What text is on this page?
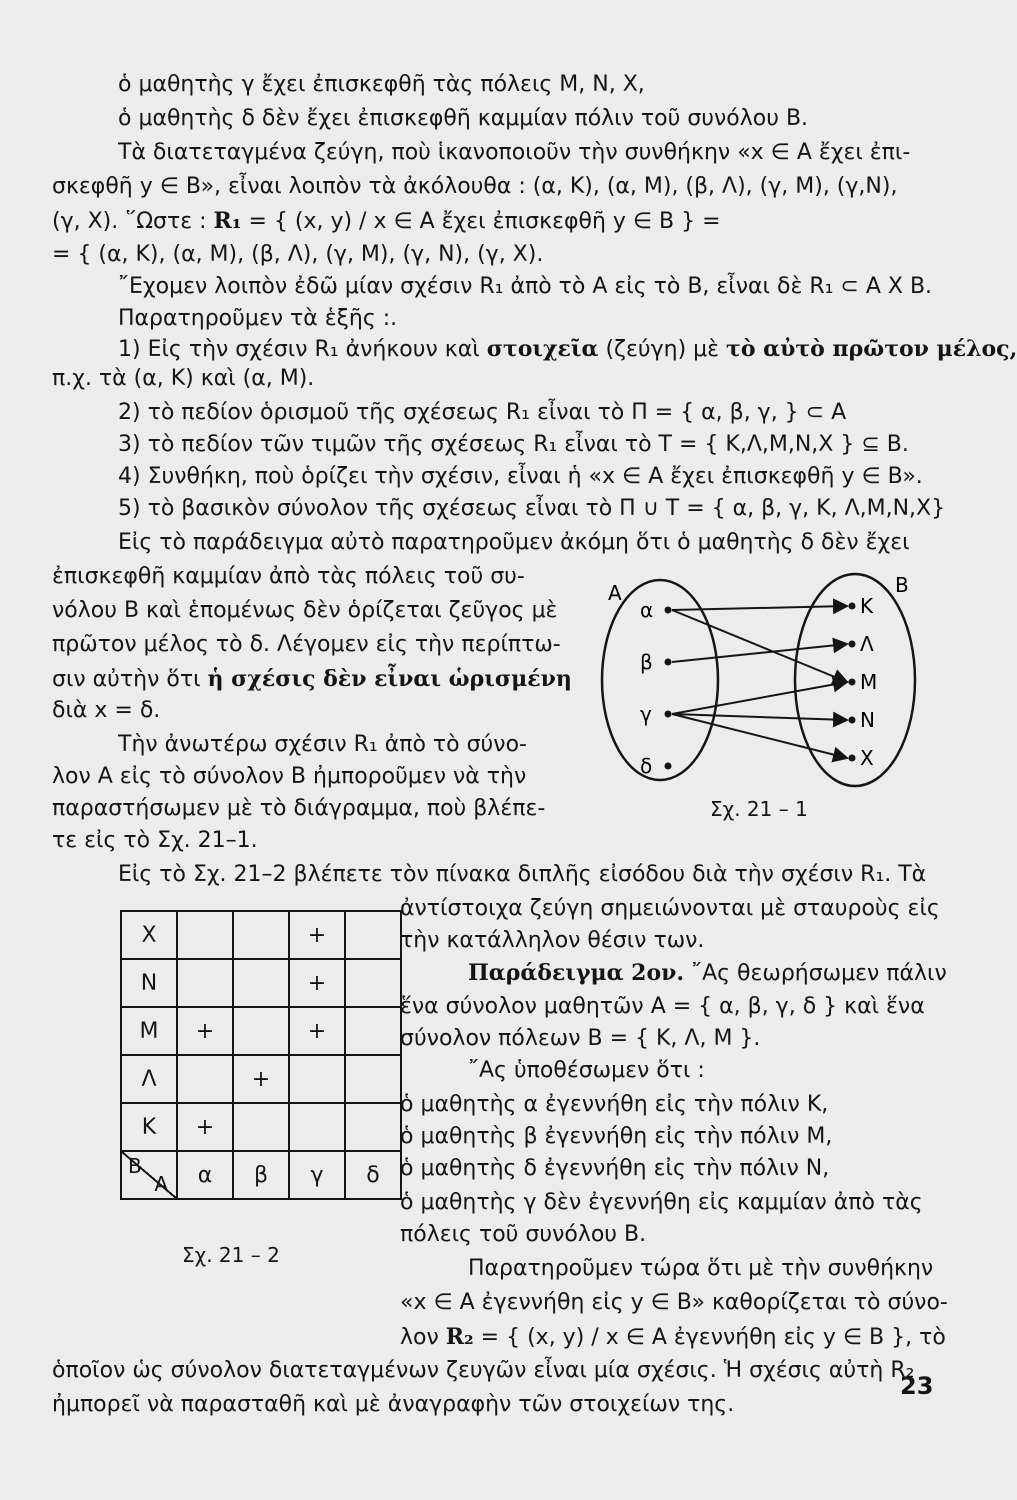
ὁ μαθητὴς γ ἔχει ἐπισκεφθῆ τὰς πόλεις Μ, Ν, Χ,
ὁ μαθητὴς δ δὲν ἔχει ἐπισκεφθῆ καμμίαν πόλιν τοῦ συνόλου Β.
Τὰ διατεταγμένα ζεύγη, ποὺ ἱκανοποιοῦν τὴν συνθήκην «x ∈ A ἔχει ἐπι-
σκεφθῆ y ∈ B», εἶναι λοιπὸν τὰ ἀκόλουθα : (α, Κ), (α, Μ), (β, Λ), (γ, Μ), (γ,Ν),
(γ, Χ). ῞Ωστε : R₁ = { (x, y) / x ∈ A ἔχει ἐπισκεφθῆ y ∈ B } =
= { (α, Κ), (α, Μ), (β, Λ), (γ, Μ), (γ, Ν), (γ, Χ).
῎Εχομεν λοιπὸν ἐδῶ μίαν σχέσιν R₁ ἀπὸ τὸ Α εἰς τὸ Β, εἶναι δὲ R₁ ⊂ A X B.
Παρατηροῦμεν τὰ ἑξῆς :.
1) Εἰς τὴν σχέσιν R₁ ἀνήκουν καὶ στοιχεῖα (ζεύγη) μὲ τὸ αὐτὸ πρῶτον μέλος,
π.χ. τὰ (α, Κ) καὶ (α, Μ).
2) τὸ πεδίον ὁρισμοῦ τῆς σχέσεως R₁ εἶναι τὸ Π = { α, β, γ, } ⊂ A
3) τὸ πεδίον τῶν τιμῶν τῆς σχέσεως R₁ εἶναι τὸ T = { Κ,Λ,Μ,Ν,Χ } ⊆ B.
4) Συνθήκη, ποὺ ὁρίζει τὴν σχέσιν, εἶναι ἡ «x ∈ A ἔχει ἐπισκεφθῆ y ∈ B».
5) τὸ βασικὸν σύνολον τῆς σχέσεως εἶναι τὸ Π ∪ T = { α, β, γ, Κ, Λ,Μ,Ν,Χ}
Εἰς τὸ παράδειγμα αὐτὸ παρατηροῦμεν ἀκόμη ὅτι ὁ μαθητὴς δ δὲν ἔχει
ἐπισκεφθῆ καμμίαν ἀπὸ τὰς πόλεις τοῦ συ-
νόλου Β καὶ ἑπομένως δὲν ὁρίζεται ζεῦγος μὲ
πρῶτον μέλος τὸ δ. Λέγομεν εἰς τὴν περίπτω-
σιν αὐτὴν ὅτι ἡ σχέσις δὲν εἶναι ὡρισμένη
διὰ x = δ.
Τὴν ἀνωτέρω σχέσιν R₁ ἀπὸ τὸ σύνο-
λον Α εἰς τὸ σύνολον Β ἠμποροῦμεν νὰ τὴν
παραστήσωμεν μὲ τὸ διάγραμμα, ποὺ βλέπε-
τε εἰς τὸ Σχ. 21–1.
A	B
α
β
γ
δ
Κ
Λ
Μ
Ν
Χ
Σχ. 21 – 1
Εἰς τὸ Σχ. 21–2 βλέπετε τὸν πίνακα διπλῆς εἰσόδου διὰ τὴν σχέσιν R₁. Τὰ
ἀντίστοιχα ζεύγη σημειώνονται μὲ σταυροὺς εἰς
τὴν κατάλληλον θέσιν των.
Παράδειγμα 2ον. ῎Ας θεωρήσωμεν πάλιν
ἕνα σύνολον μαθητῶν A = { α, β, γ, δ } καὶ ἕνα
σύνολον πόλεων B = { Κ, Λ, Μ }.
῎Ας ὑποθέσωμεν ὅτι :
ὁ μαθητὴς α ἐγεννήθη εἰς τὴν πόλιν Κ,
ὁ μαθητὴς β ἐγεννήθη εἰς τὴν πόλιν Μ,
ὁ μαθητὴς δ ἐγεννήθη εἰς τὴν πόλιν Ν,
ὁ μαθητὴς γ δὲν ἐγεννήθη εἰς καμμίαν ἀπὸ τὰς
πόλεις τοῦ συνόλου Β.
Παρατηροῦμεν τώρα ὅτι μὲ τὴν συνθήκην
«x ∈ A ἐγεννήθη εἰς y ∈ B» καθορίζεται τὸ σύνο-
λον R₂ = { (x, y) / x ∈ A ἐγεννήθη εἰς y ∈ B }, τὸ
ὁποῖον ὡς σύνολον διατεταγμένων ζευγῶν εἶναι μία σχέσις. Ἡ σχέσις αὐτὴ R₂
ἠμπορεῖ νὰ παρασταθῆ καὶ μὲ ἀναγραφὴν τῶν στοιχείων της.
Χ			+	
Ν			+	
Μ	+		+	
Λ		+		
Κ	+			

B
A	α	β	γ	δ
Σχ. 21 – 2
23
